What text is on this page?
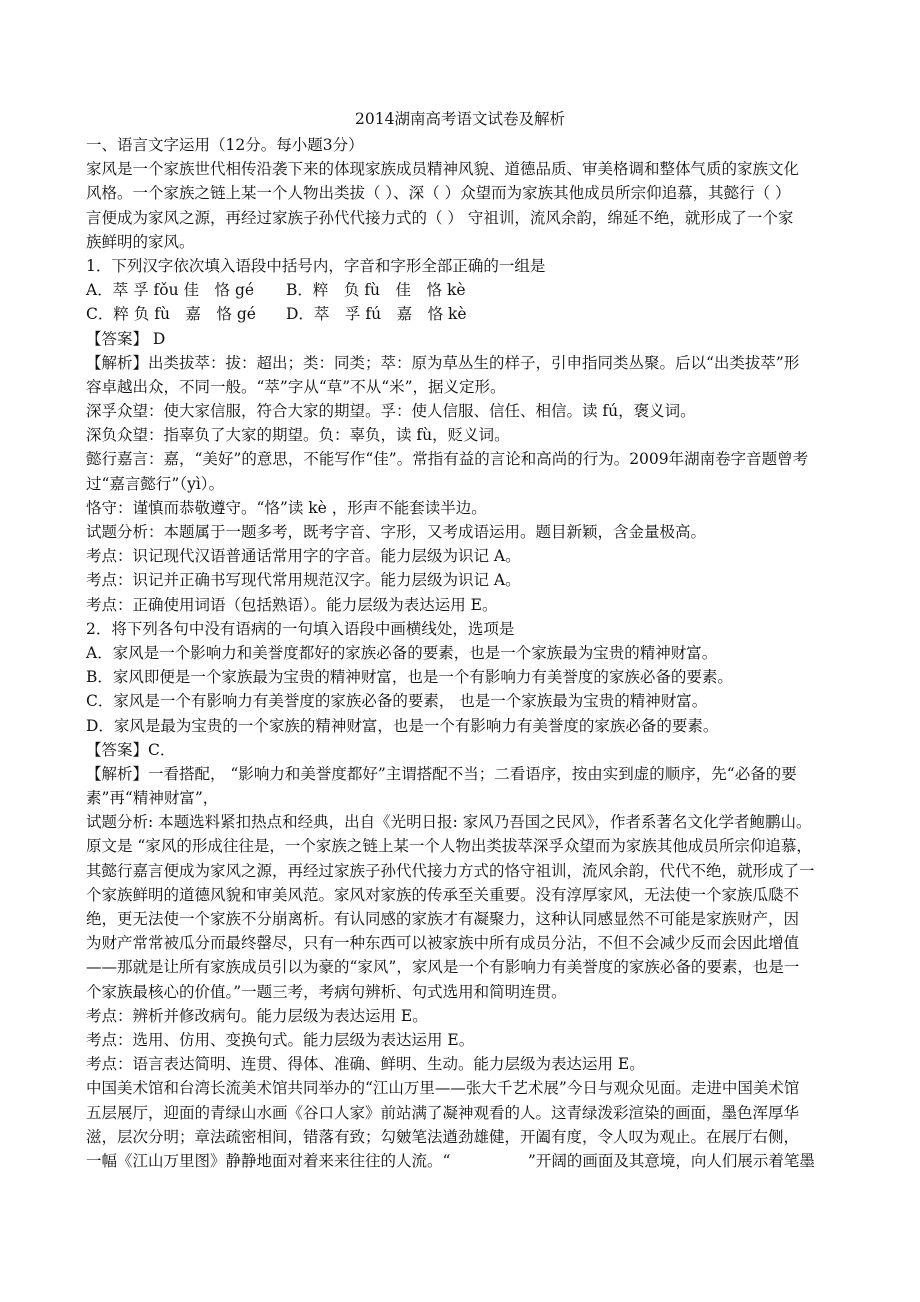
2014湖南高考语文试卷及解析
一、语言文字运用（12分。每小题3分）
家风是一个家族世代相传沿袭下来的体现家族成员精神风貌、道德品质、审美格调和整体气质的家族文化
风格。一个家族之链上某一个人物出类拔（ ）、深（ ）众望而为家族其他成员所宗仰追慕，其懿行（ ）
言便成为家风之源，再经过家族子孙代代接力式的（ ） 守祖训，流风余韵，绵延不绝，就形成了一个家
族鲜明的家风。
1．下列汉字依次填入语段中括号内，字音和字形全部正确的一组是
A．萃 孚 fǒu 佳　恪 gé B．粹　负 fù　佳　恪 kè
C．粹 负 fù　嘉　恪 gé D．萃　孚 fú　嘉　恪 kè
【答案】 D
【解析】出类拔萃：拔：超出；类：同类；萃：原为草丛生的样子，引申指同类丛聚。后以“出类拔萃”形
容卓越出众，不同一般。“萃”字从“草”不从“米”，据义定形。
深孚众望：使大家信服，符合大家的期望。孚：使人信服、信任、相信。读 fú，褒义词。
深负众望：指辜负了大家的期望。负：辜负，读 fù，贬义词。
懿行嘉言：嘉，“美好”的意思，不能写作“佳”。常指有益的言论和高尚的行为。2009年湖南卷字音题曾考
过“嘉言懿行”（yì）。
恪守：谨慎而恭敬遵守。“恪”读 kè ，形声不能套读半边。
试题分析：本题属于一题多考，既考字音、字形，又考成语运用。题目新颖，含金量极高。
考点：识记现代汉语普通话常用字的字音。能力层级为识记 A。
考点：识记并正确书写现代常用规范汉字。能力层级为识记 A。
考点：正确使用词语（包括熟语）。能力层级为表达运用 E。
2．将下列各句中没有语病的一句填入语段中画横线处，选项是
A．家风是一个影响力和美誉度都好的家族必备的要素，也是一个家族最为宝贵的精神财富。
B．家风即便是一个家族最为宝贵的精神财富，也是一个有影响力有美誉度的家族必备的要素。
C．家风是一个有影响力有美誉度的家族必备的要素， 也是一个家族最为宝贵的精神财富。
D．家风是最为宝贵的一个家族的精神财富，也是一个有影响力有美誉度的家族必备的要素。
【答案】C．
【解析】一看搭配， “影响力和美誉度都好”主谓搭配不当；二看语序，按由实到虚的顺序，先“必备的要
素”再“精神财富”，
试题分析: 本题选料紧扣热点和经典，出自《光明日报: 家风乃吾国之民风》，作者系著名文化学者鲍鹏山。
原文是 “家风的形成往往是，一个家族之链上某一个人物出类拔萃深孚众望而为家族其他成员所宗仰追慕，
其懿行嘉言便成为家风之源，再经过家族子孙代代接力方式的恪守祖训，流风余韵，代代不绝，就形成了一
个家族鲜明的道德风貌和审美风范。家风对家族的传承至关重要。没有淳厚家风，无法使一个家族瓜瓞不
绝，更无法使一个家族不分崩离析。有认同感的家族才有凝聚力，这种认同感显然不可能是家族财产，因
为财产常常被瓜分而最终罄尽，只有一种东西可以被家族中所有成员分沾，不但不会减少反而会因此增值
——那就是让所有家族成员引以为豪的“家风”，家风是一个有影响力有美誉度的家族必备的要素，也是一
个家族最核心的价值。”一题三考，考病句辨析、句式选用和简明连贯。
考点：辨析并修改病句。能力层级为表达运用 E。
考点：选用、仿用、变换句式。能力层级为表达运用 E。
考点：语言表达简明、连贯、得体、准确、鲜明、生动。能力层级为表达运用 E。
中国美术馆和台湾长流美术馆共同举办的“江山万里——张大千艺术展”今日与观众见面。走进中国美术馆
五层展厅，迎面的青绿山水画《谷口人家》前站满了凝神观看的人。这青绿泼彩渲染的画面，墨色浑厚华
滋，层次分明；章法疏密相间，错落有致；勾皴笔法遒劲雄健，开阖有度，令人叹为观止。在展厅右侧，
一幅《江山万里图》静静地面对着来来往往的人流。“　　　　　”开阔的画面及其意境，向人们展示着笔墨
